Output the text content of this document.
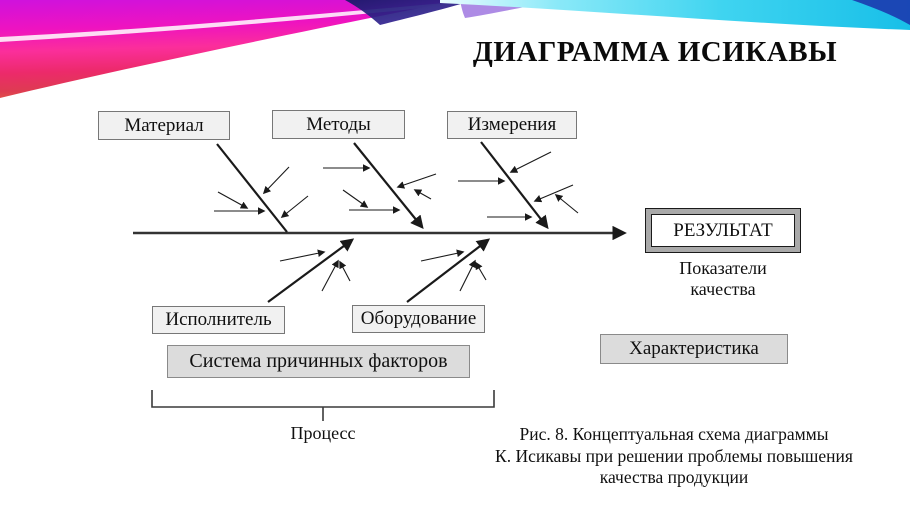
ДИАГРАММА ИСИКАВЫ
Материал	Методы	Измерения
Исполнитель	Оборудование
Система причинных факторов
Характеристика
РЕЗУЛЬТАТ
Показатели качества
Процесс	Рис. 8. Концептуальная схема диаграммы
К. Исикавы при решении проблемы повышения
качества продукции
